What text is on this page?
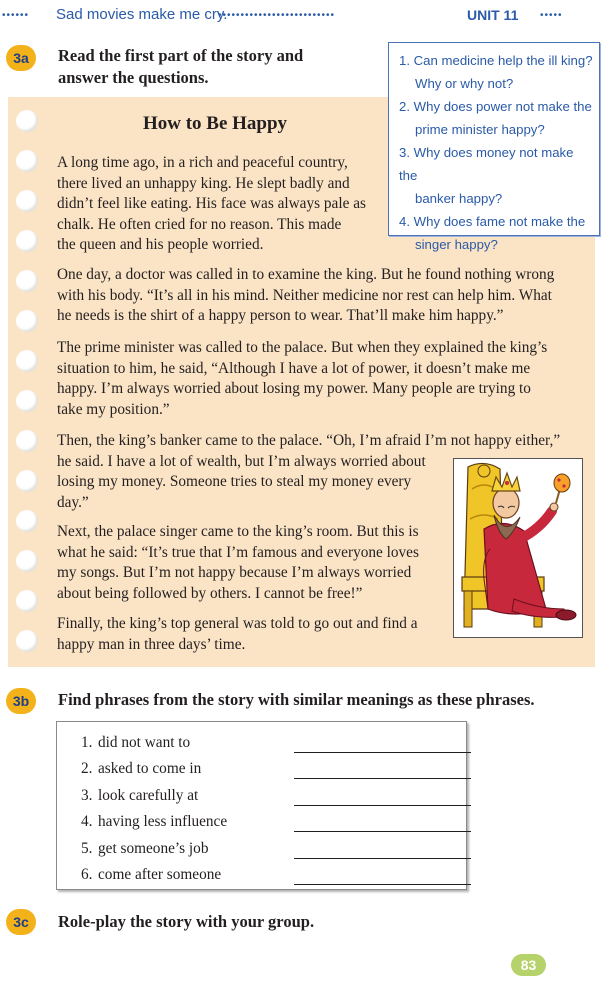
•••••• Sad movies make me cry.
••••••••••••••••••••••••••	UNIT 11 •••••
3a	Read the first part of the story and
answer the questions.
How to Be Happy
A long time ago, in a rich and peaceful country,
there lived an unhappy king. He slept badly and
didn’t feel like eating. His face was always pale as
chalk. He often cried for no reason. This made
the queen and his people worried.
One day, a doctor was called in to examine the king. But he found nothing wrong
with his body. “It’s all in his mind. Neither medicine nor rest can help him. What
he needs is the shirt of a happy person to wear. That’ll make him happy.”
The prime minister was called to the palace. But when they explained the king’s
situation to him, he said, “Although I have a lot of power, it doesn’t make me
happy. I’m always worried about losing my power. Many people are trying to
take my position.”
Then, the king’s banker came to the palace. “Oh, I’m afraid I’m not happy either,”
he said. I have a lot of wealth, but I’m always worried about
losing my money. Someone tries to steal my money every
day.”
Next, the palace singer came to the king’s room. But this is
what he said: “It’s true that I’m famous and everyone loves
my songs. But I’m not happy because I’m always worried
about being followed by others. I cannot be free!”
Finally, the king’s top general was told to go out and find a
happy man in three days’ time.
1. Can medicine help the ill king?
Why or why not?
2. Why does power not make the
prime minister happy?
3. Why does money not make the
banker happy?
4. Why does fame not make the
singer happy?
3b	Find phrases from the story with similar meanings as these phrases.
1. did not want to
2. asked to come in
3. look carefully at
4. having less influence
5. get someone’s job
6. come after someone
3c	Role-play the story with your group.
83
